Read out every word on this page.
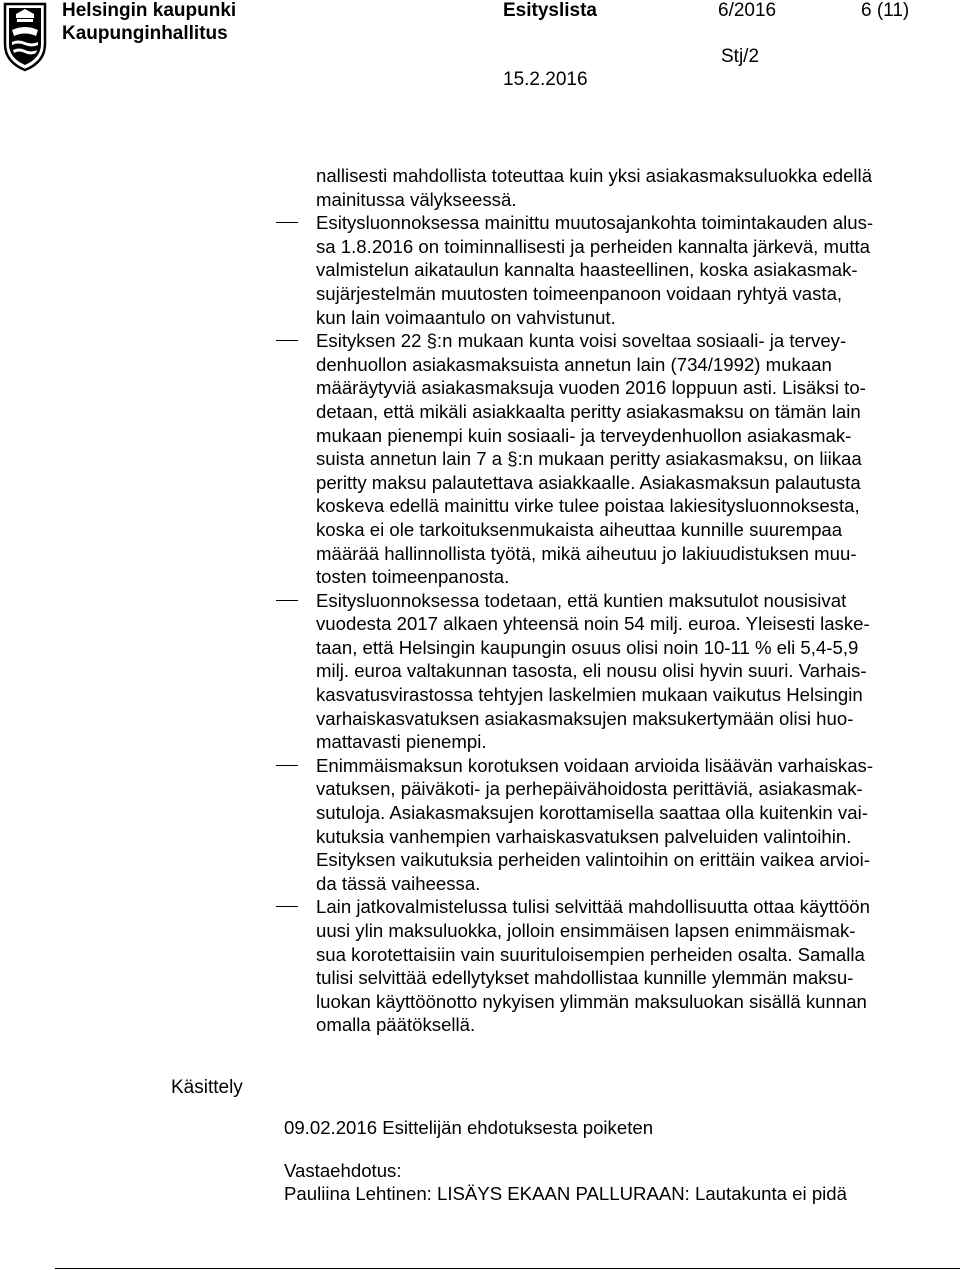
Helsingin kaupunki
Kaupunginhallitus
Esityslista	6/2016	6 (11)
Stj/2
15.2.2016
nallisesti mahdollista toteuttaa kuin yksi asiakasmaksuluokka edellä
mainitussa välykseessä.
Esitysluonnoksessa mainittu muutosajankohta toimintakauden alus-
sa 1.8.2016 on toiminnallisesti ja perheiden kannalta järkevä, mutta
valmistelun aikataulun kannalta haasteellinen, koska asiakasmak-
sujärjestelmän muutosten toimeenpanoon voidaan ryhtyä vasta,
kun lain voimaantulo on vahvistunut.
Esityksen 22 §:n mukaan kunta voisi soveltaa sosiaali- ja tervey-
denhuollon asiakasmaksuista annetun lain (734/1992) mukaan
määräytyviä asiakasmaksuja vuoden 2016 loppuun asti. Lisäksi to-
detaan, että mikäli asiakkaalta peritty asiakasmaksu on tämän lain
mukaan pienempi kuin sosiaali- ja terveydenhuollon asiakasmak-
suista annetun lain 7 a §:n mukaan peritty asiakasmaksu, on liikaa
peritty maksu palautettava asiakkaalle. Asiakasmaksun palautusta
koskeva edellä mainittu virke tulee poistaa lakiesitysluonnoksesta,
koska ei ole tarkoituksenmukaista aiheuttaa kunnille suurempaa
määrää hallinnollista työtä, mikä aiheutuu jo lakiuudistuksen muu-
tosten toimeenpanosta.
Esitysluonnoksessa todetaan, että kuntien maksutulot nousisivat
vuodesta 2017 alkaen yhteensä noin 54 milj. euroa. Yleisesti laske-
taan, että Helsingin kaupungin osuus olisi noin 10-11 % eli 5,4-5,9
milj. euroa valtakunnan tasosta, eli nousu olisi hyvin suuri. Varhais-
kasvatusvirastossa tehtyjen laskelmien mukaan vaikutus Helsingin
varhaiskasvatuksen asiakasmaksujen maksukertymään olisi huo-
mattavasti pienempi.
Enimmäismaksun korotuksen voidaan arvioida lisäävän varhaiskas-
vatuksen, päiväkoti- ja perhepäivähoidosta perittäviä, asiakasmak-
sutuloja. Asiakasmaksujen korottamisella saattaa olla kuitenkin vai-
kutuksia vanhempien varhaiskasvatuksen palveluiden valintoihin.
Esityksen vaikutuksia perheiden valintoihin on erittäin vaikea arvioi-
da tässä vaiheessa.
Lain jatkovalmistelussa tulisi selvittää mahdollisuutta ottaa käyttöön
uusi ylin maksuluokka, jolloin ensimmäisen lapsen enimmäismak-
sua korotettaisiin vain suurituloisempien perheiden osalta. Samalla
tulisi selvittää edellytykset mahdollistaa kunnille ylemmän maksu-
luokan käyttöönotto nykyisen ylimmän maksuluokan sisällä kunnan
omalla päätöksellä.
Käsittely
09.02.2016 Esittelijän ehdotuksesta poiketen
Vastaehdotus:
Pauliina Lehtinen: LISÄYS EKAAN PALLURAAN: Lautakunta ei pidä
